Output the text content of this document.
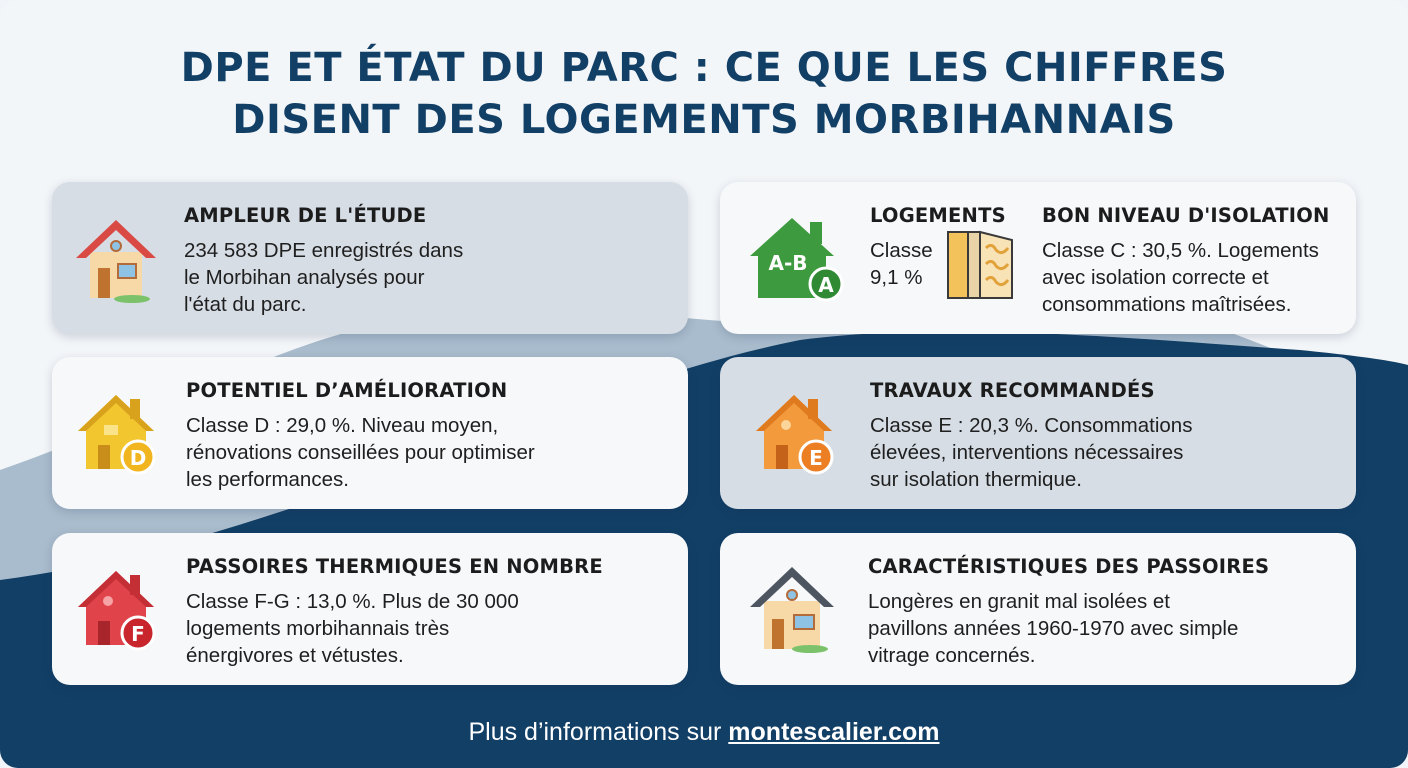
DPE ET ÉTAT DU PARC : CE QUE LES CHIFFRES
DISENT DES LOGEMENTS MORBIHANNAIS
AMPLEUR DE L'ÉTUDE
234 583 DPE enregistrés dans
le Morbihan analysés pour
l'état du parc.
A-B
A
LOGEMENTS
Classe
9,1 %
BON NIVEAU D'ISOLATION
Classe C : 30,5 %. Logements
avec isolation correcte et
consommations maîtrisées.
D
POTENTIEL D’AMÉLIORATION
Classe D : 29,0 %. Niveau moyen,
rénovations conseillées pour optimiser
les performances.
E
TRAVAUX RECOMMANDÉS
Classe E : 20,3 %. Consommations
élevées, interventions nécessaires
sur isolation thermique.
F
PASSOIRES THERMIQUES EN NOMBRE
Classe F-G : 13,0 %. Plus de 30 000
logements morbihannais très
énergivores et vétustes.
CARACTÉRISTIQUES DES PASSOIRES
Longères en granit mal isolées et
pavillons années 1960-1970 avec simple
vitrage concernés.
Plus d’informations sur montescalier.com
